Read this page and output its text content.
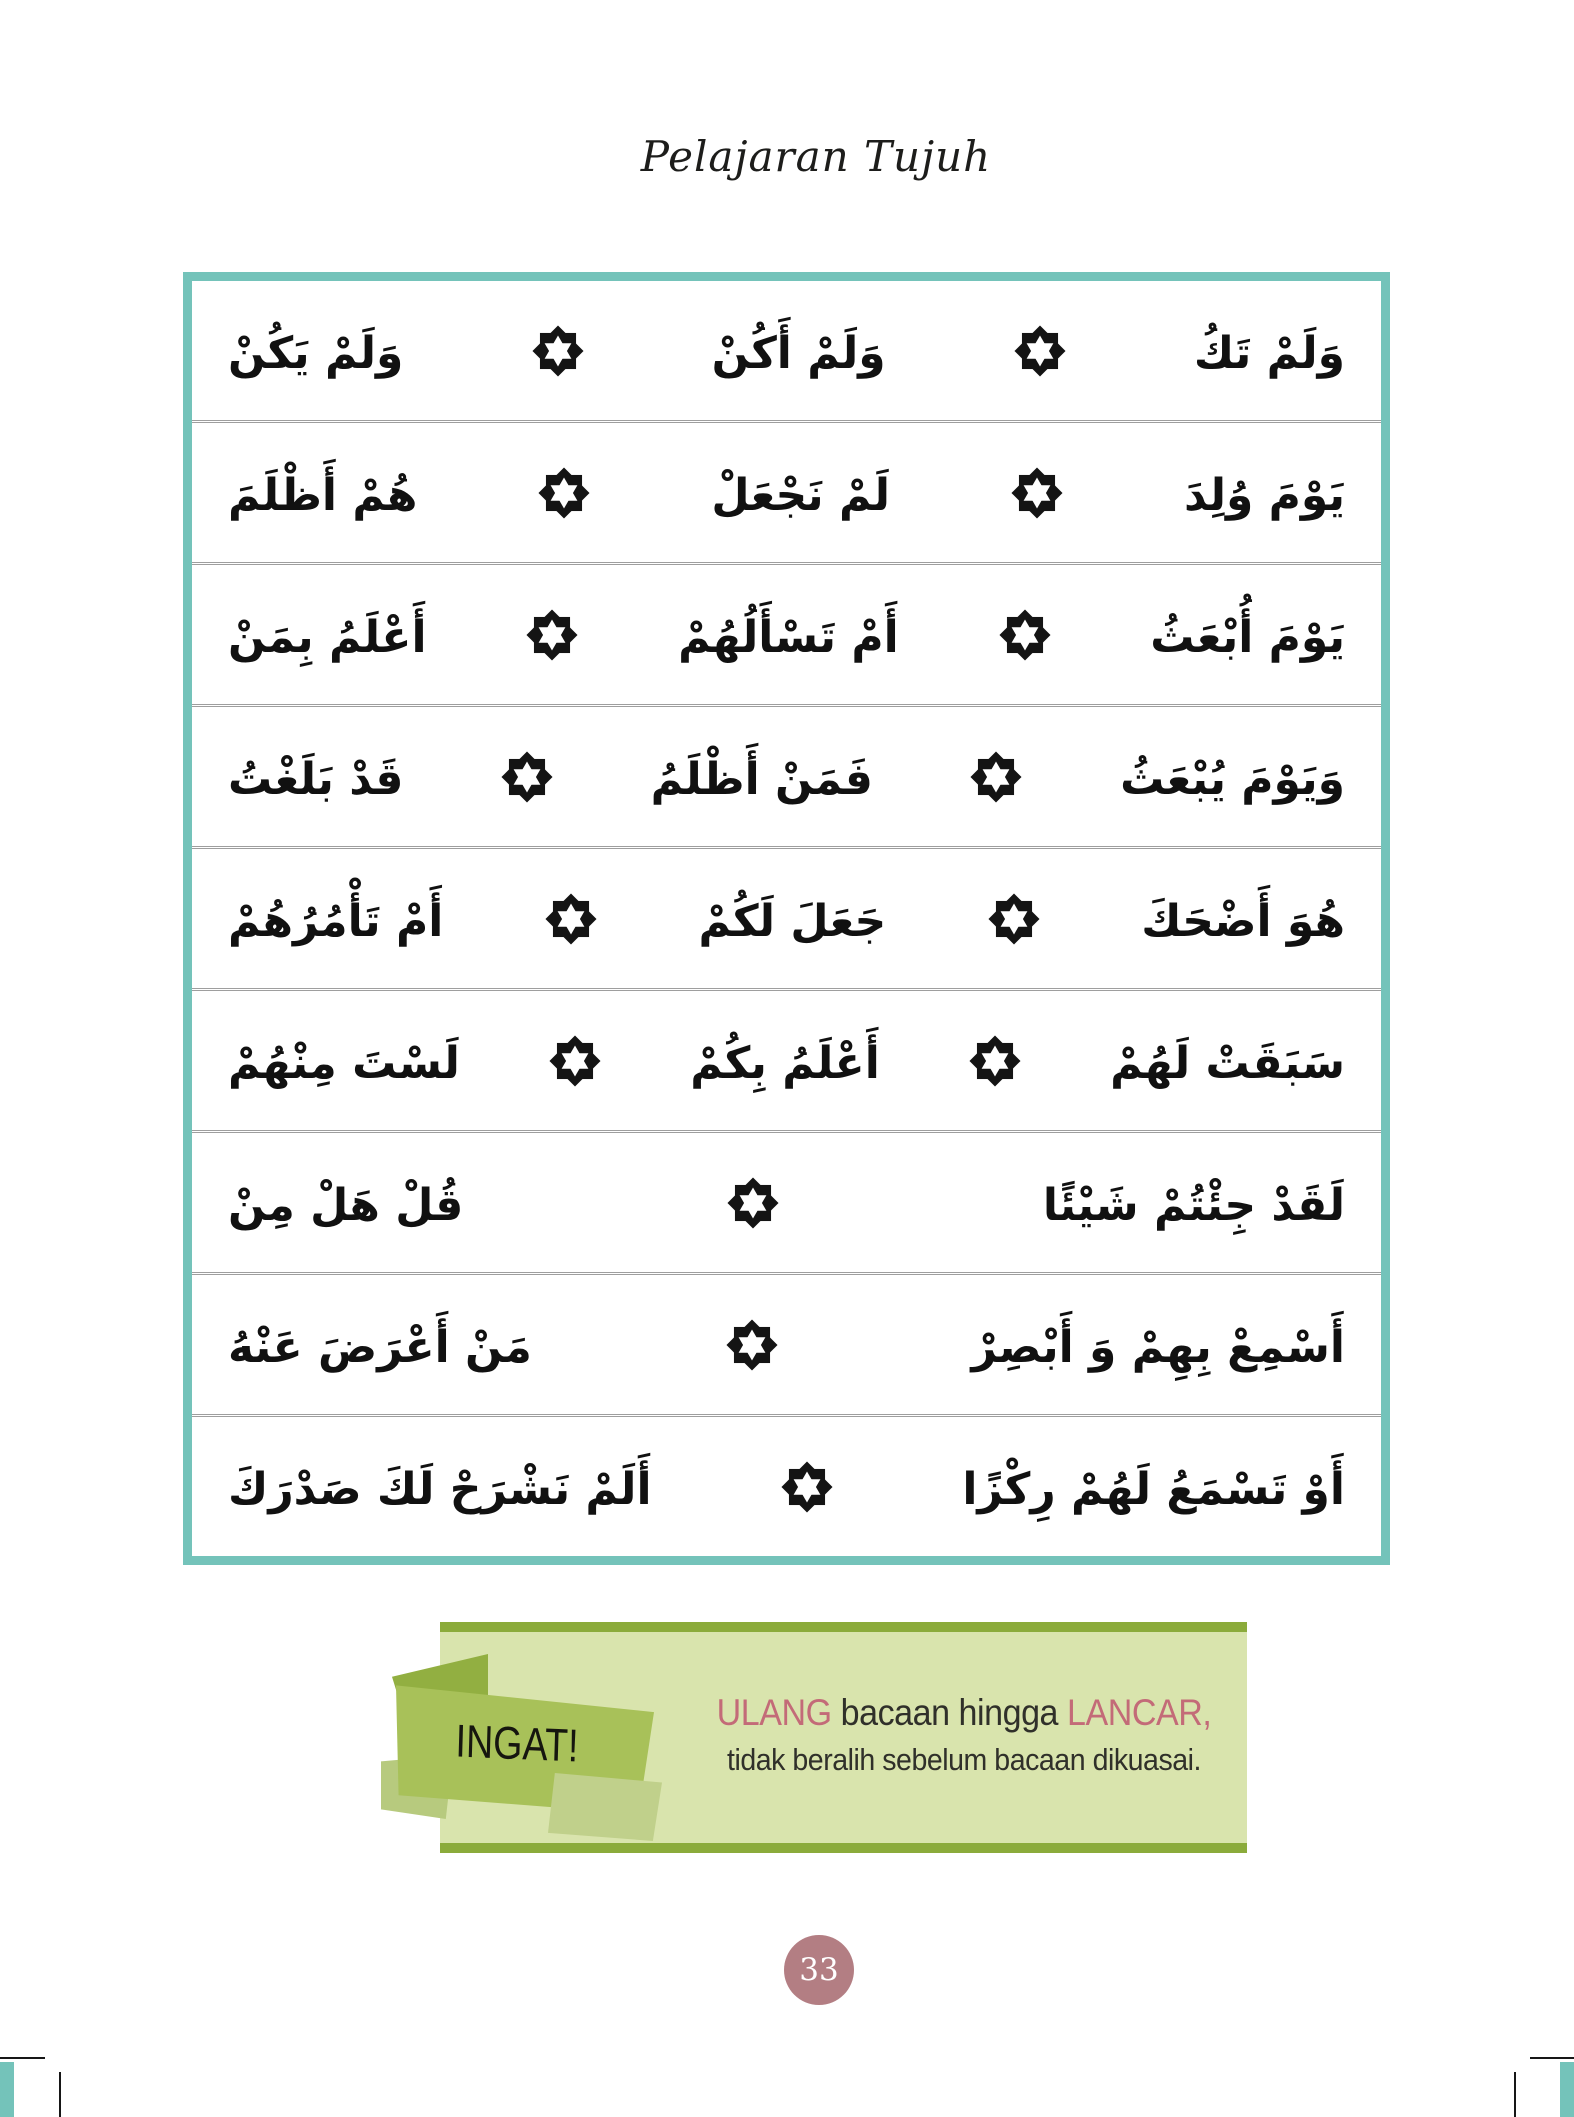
Pelajaran Tujuh
وَلَمْ تَكُ
وَلَمْ أَكُنْ
وَلَمْ يَكُنْ
يَوْمَ وُلِدَ
لَمْ نَجْعَلْ
هُمْ أَظْلَمَ
يَوْمَ أُبْعَثُ
أَمْ تَسْأَلُهُمْ
أَعْلَمُ بِمَنْ
وَيَوْمَ يُبْعَثُ
فَمَنْ أَظْلَمُ
قَدْ بَلَغْتُ
هُوَ أَضْحَكَ
جَعَلَ لَكُمْ
أَمْ تَأْمُرُهُمْ
سَبَقَتْ لَهُمْ
أَعْلَمُ بِكُمْ
لَسْتَ مِنْهُمْ
لَقَدْ جِئْتُمْ شَيْئًا
قُلْ هَلْ مِنْ
أَسْمِعْ بِهِمْ وَ أَبْصِرْ
مَنْ أَعْرَضَ عَنْهُ
أَوْ تَسْمَعُ لَهُمْ رِكْزًا
أَلَمْ نَشْرَحْ لَكَ صَدْرَكَ
INGAT!
ULANG bacaan hingga LANCAR,
tidak beralih sebelum bacaan dikuasai.
33
